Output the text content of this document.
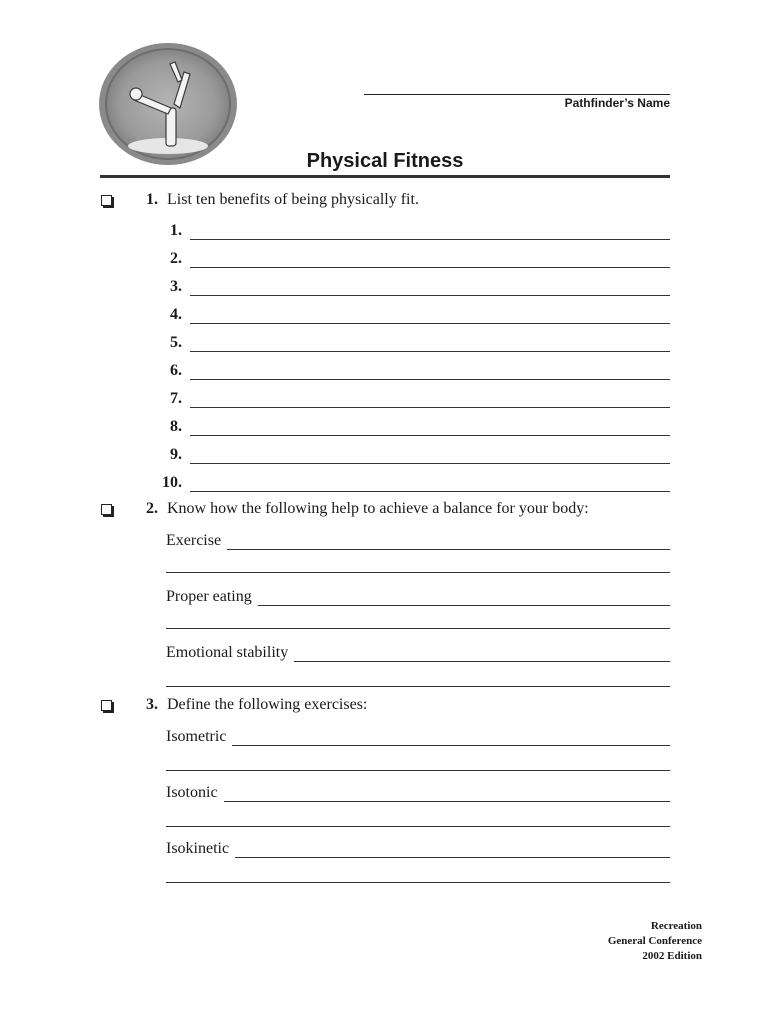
Pathfinder’s Name
Physical Fitness
1. List ten benefits of being physically fit.
1.
2.
3.
4.
5.
6.
7.
8.
9.
10.
2. Know how the following help to achieve a balance for your body:
Exercise
Proper eating
Emotional stability
3. Define the following exercises:
Isometric
Isotonic
Isokinetic
Recreation
General Conference
2002 Edition
